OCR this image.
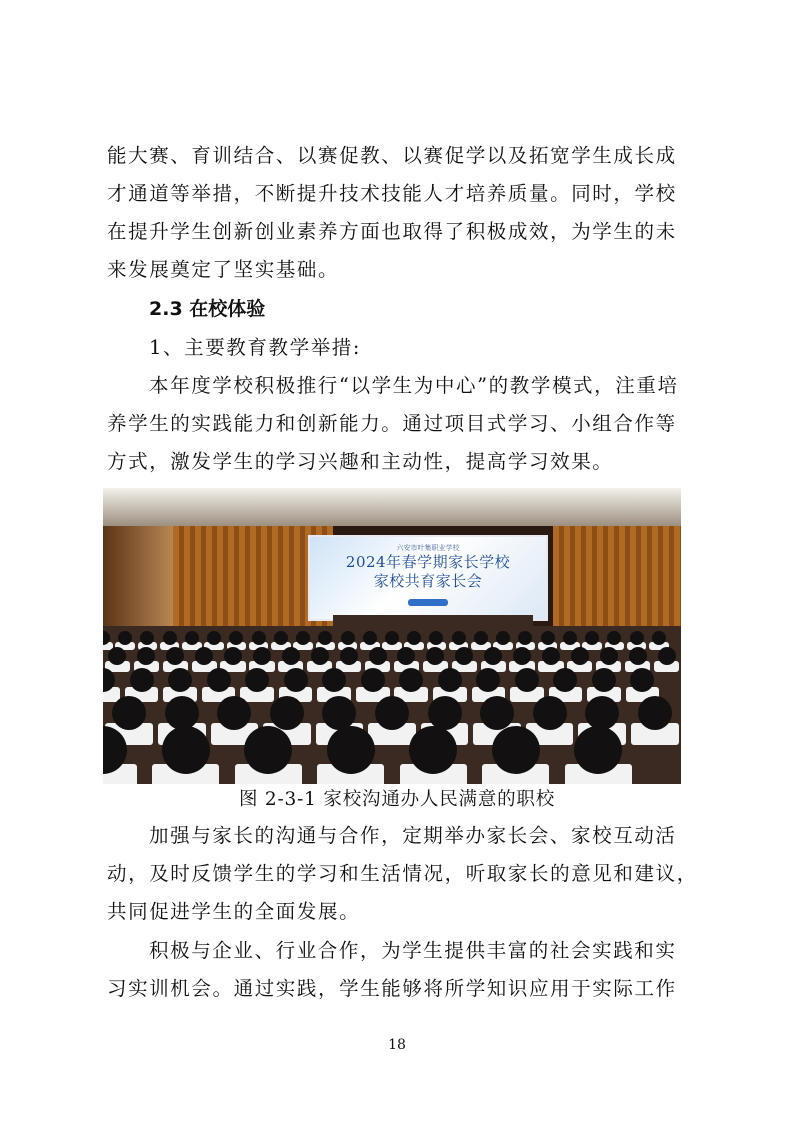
能大赛、育训结合、以赛促教、以赛促学以及拓宽学生成长成
才通道等举措，不断提升技术技能人才培养质量。同时，学校
在提升学生创新创业素养方面也取得了积极成效，为学生的未
来发展奠定了坚实基础。
2.3 在校体验
1、主要教育教学举措:
本年度学校积极推行“以学生为中心”的教学模式，注重培
养学生的实践能力和创新能力。通过项目式学习、小组合作等
方式，激发学生的学习兴趣和主动性，提高学习效果。
六安市叶集职业学校
2024年春学期家长学校
家校共育家长会
图 2-3-1 家校沟通办人民满意的职校
加强与家长的沟通与合作，定期举办家长会、家校互动活
动，及时反馈学生的学习和生活情况，听取家长的意见和建议，
共同促进学生的全面发展。
积极与企业、行业合作，为学生提供丰富的社会实践和实
习实训机会。通过实践，学生能够将所学知识应用于实际工作
18
